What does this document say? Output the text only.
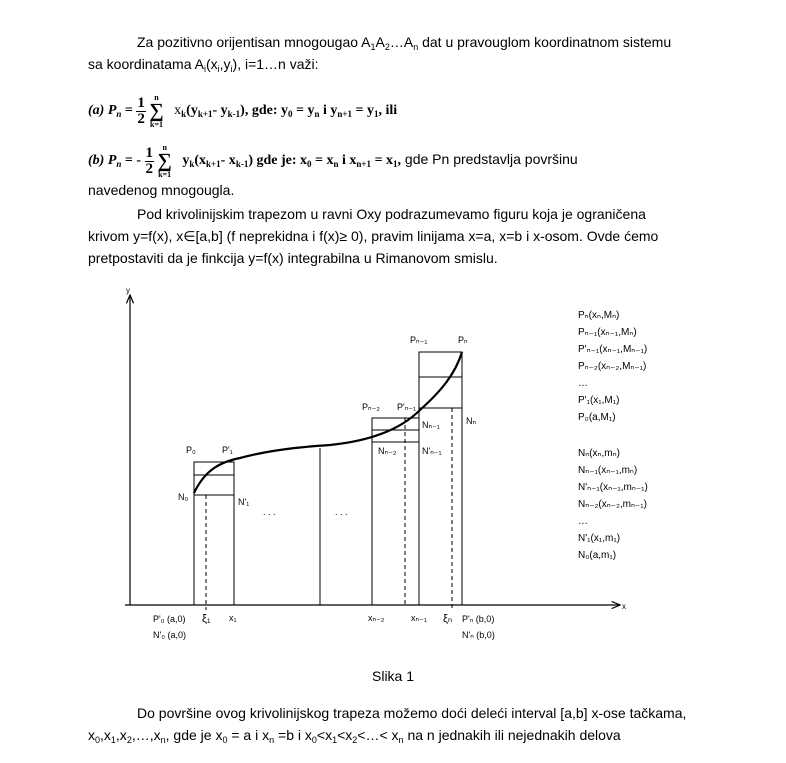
Za pozitivno orijentisan mnogougao $A_1A_2\dots A_n$ dat u pravouglom koordinatnom sistemu
sa koordinatama $A_i(x_i,y_i)$, i=1…n važi:
(a) $P_n = \frac{1}{2}$ n
∑
k=1   $x_k(y_{k+1}-$ $y_{k-1}$), gde: $y_0 = y_n$ i $y_{n+1} = y_1$, ili
(b) $P_n$ = - $\frac{1}{2}$ n
∑
k=1   $y_k(x_{k+1}-$ $x_{k-1}$) gde je: $x_0 = x_n$ i $x_{n+1} = x_1$, gde Pn predstavlja površinu
navedenog mnogougla.
Pod krivolinijskim trapezom u ravni Oxy podrazumevamo figuru koja je ograničena
krivom y=f(x), x∈[a,b] (f neprekidna i f(x)≥ 0), pravim linijama x=a, x=b i x-osom. Ovde ćemo
pretpostaviti da je finkcija y=f(x) integrabilna u Rimanovom smislu.
y
x
P₀	P'₁
N₀	N'₁
Pₙ₋₂ P'ₙ₋₁
Pₙ₋₁	Pₙ
Nₙ₋₁	Nₙ
Nₙ₋₂	N'ₙ₋₁
. . .	. . .
P'₀ (a,0)
N'₀ (a,0)
ξ₁ x₁	xₙ₋₂	xₙ₋₁ ξₙ P'ₙ (b,0)
N'ₙ (b,0)
Pₙ(xₙ,Mₙ)
Pₙ₋₁(xₙ₋₁,Mₙ)
P'ₙ₋₁(xₙ₋₁,Mₙ₋₁)
Pₙ₋₂(xₙ₋₂,Mₙ₋₁)
…
P'₁(x₁,M₁)
P₀(a,M₁)
Nₙ(xₙ,mₙ)
Nₙ₋₁(xₙ₋₁,mₙ)
N'ₙ₋₁(xₙ₋₁,mₙ₋₁)
Nₙ₋₂(xₙ₋₂,mₙ₋₁)
…
N'₁(x₁,m₁)
N₀(a,m₁)
Slika 1
Do površine ovog krivolinijskog trapeza možemo doći deleći interval [a,b] x-ose tačkama,
$x_0,x_1,x_2,\dots,x_n$, gde je $x_0 = a$ i $x_n =b$ i $x_0<x_1<x_2<\dots< x_n$ na n jednakih ili nejednakih delova
